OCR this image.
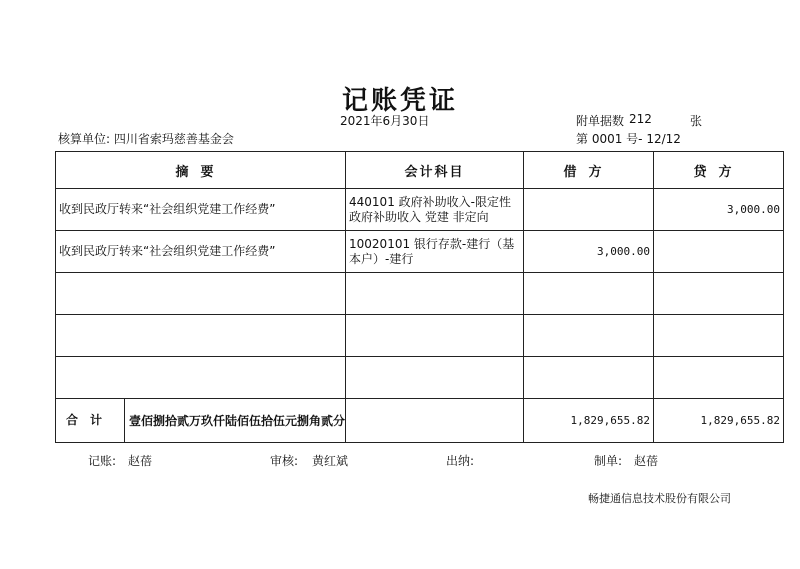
记账凭证
2021年6月30日	附单据数 212	张
核算单位: 四川省索玛慈善基金会	第 0001 号- 12/12
摘要	会计科目	借方	贷方
收到民政厅转来“社会组织党建工作经费”	440101 政府补助收入-限定性 政府补助收入 党建 非定向		3,000.00
收到民政厅转来“社会组织党建工作经费”	10020101 银行存款-建行（基本户）-建行	3,000.00	

合计 壹佰捌拾贰万玖仟陆佰伍拾伍元捌角贰分		1,829,655.82	1,829,655.82
记账: 赵蓓	审核: 黄红斌	出纳:	制单: 赵蓓
畅捷通信息技术股份有限公司
